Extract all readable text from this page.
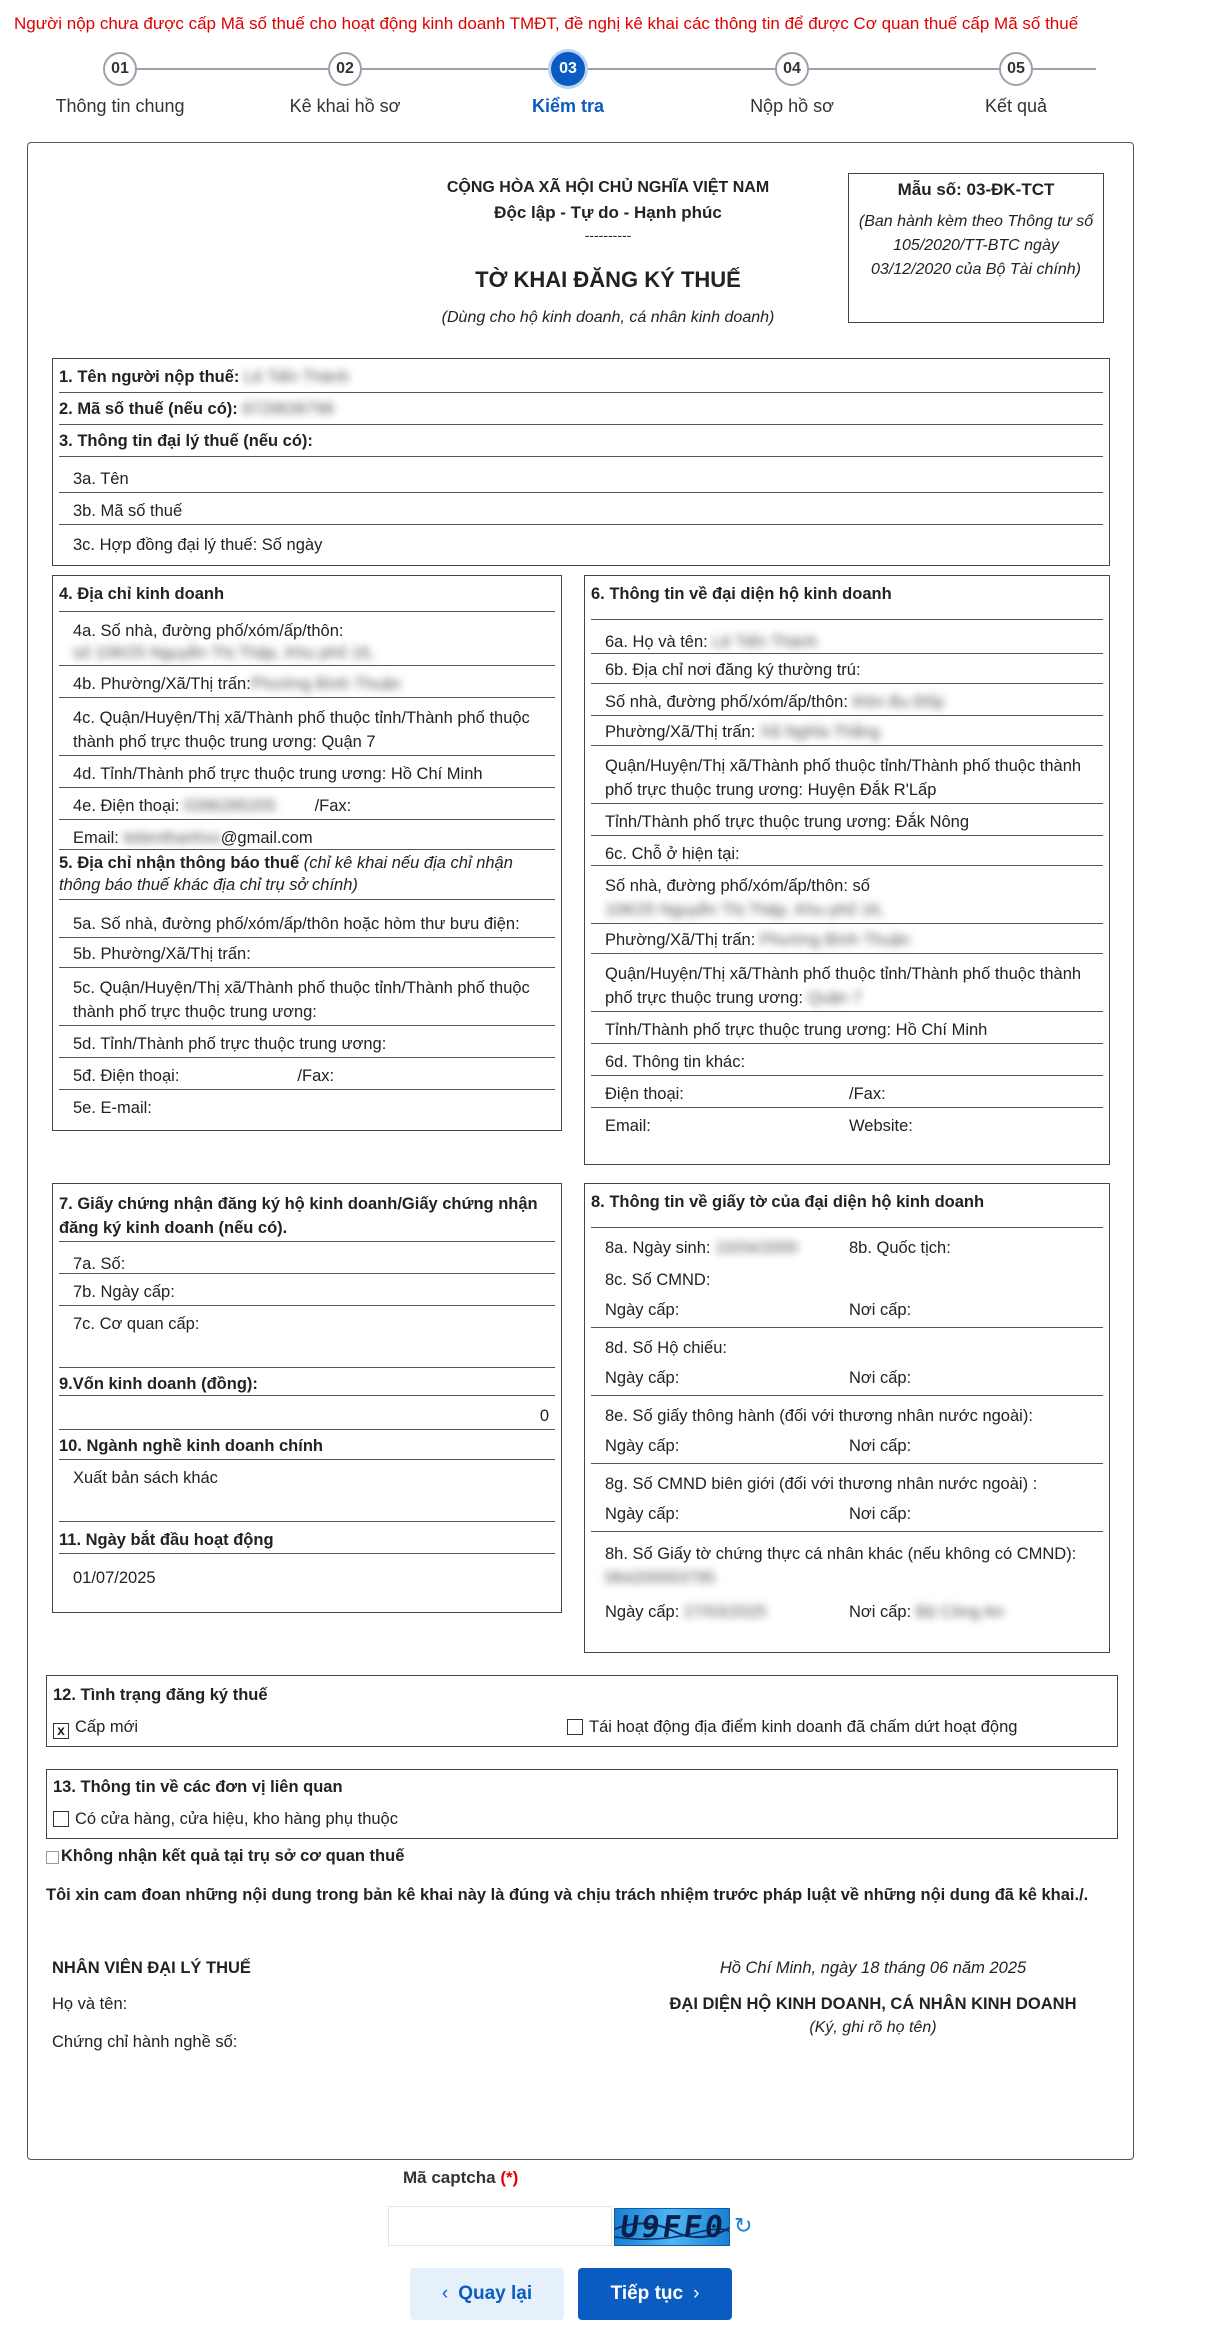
Người nộp chưa được cấp Mã số thuế cho hoạt động kinh doanh TMĐT, đề nghị kê khai các thông tin để được Cơ quan thuế cấp Mã số thuế
01
Thông tin chung
02
Kê khai hồ sơ
03
Kiểm tra
04
Nộp hồ sơ
05
Kết quả
CỘNG HÒA XÃ HỘI CHỦ NGHĨA VIỆT NAM
Độc lập - Tự do - Hạnh phúc
----------
TỜ KHAI ĐĂNG KÝ THUẾ
(Dùng cho hộ kinh doanh, cá nhân kinh doanh)
Mẫu số: 03-ĐK-TCT
(Ban hành kèm theo Thông tư số 105/2020/TT-BTC ngày 03/12/2020 của Bộ Tài chính)
1. Tên người nộp thuế: Lê Tiến Thành
2. Mã số thuế (nếu có): 8729636796
3. Thông tin đại lý thuế (nếu có):
3a. Tên
3b. Mã số thuế
3c. Hợp đồng đại lý thuế: Số ngày
4. Địa chỉ kinh doanh
4a. Số nhà, đường phố/xóm/ấp/thôn: số 106/25 Nguyễn Thị Thập, Khu phố 16,
4b. Phường/Xã/Thị trấn:Phường Bình Thuận
4c. Quận/Huyện/Thị xã/Thành phố thuộc tỉnh/Thành phố thuộc thành phố trực thuộc trung ương: Quận 7
4d. Tỉnh/Thành phố trực thuộc trung ương: Hồ Chí Minh
4e. Điện thoại: 0396285205 /Fax:
Email: letienthanhxx@gmail.com
5. Địa chỉ nhận thông báo thuế (chỉ kê khai nếu địa chỉ nhận thông báo thuế khác địa chỉ trụ sở chính)
5a. Số nhà, đường phố/xóm/ấp/thôn hoặc hòm thư bưu điện:
5b. Phường/Xã/Thị trấn:
5c. Quận/Huyện/Thị xã/Thành phố thuộc tỉnh/Thành phố thuộc thành phố trực thuộc trung ương:
5d. Tỉnh/Thành phố trực thuộc trung ương:
5đ. Điện thoại:	/Fax:
5e. E-mail:
6. Thông tin về đại diện hộ kinh doanh
6a. Họ và tên: Lê Tiến Thành
6b. Địa chỉ nơi đăng ký thường trú:
Số nhà, đường phố/xóm/ấp/thôn: thôn Bu Đốp
Phường/Xã/Thị trấn: Xã Nghĩa Thắng
Quận/Huyện/Thị xã/Thành phố thuộc tỉnh/Thành phố thuộc thành phố trực thuộc trung ương: Huyện Đắk R'Lấp
Tỉnh/Thành phố trực thuộc trung ương: Đắk Nông
6c. Chỗ ở hiện tại:
Số nhà, đường phố/xóm/ấp/thôn: số 106/25 Nguyễn Thị Thập, Khu phố 16,
Phường/Xã/Thị trấn: Phường Bình Thuận
Quận/Huyện/Thị xã/Thành phố thuộc tỉnh/Thành phố thuộc thành phố trực thuộc trung ương: Quận 7
Tỉnh/Thành phố trực thuộc trung ương: Hồ Chí Minh
6d. Thông tin khác:
Điện thoại:	/Fax:
Email:	Website:
7. Giấy chứng nhận đăng ký hộ kinh doanh/Giấy chứng nhận đăng ký kinh doanh (nếu có).
7a. Số:
7b. Ngày cấp:
7c. Cơ quan cấp:
9.Vốn kinh doanh (đồng):
0
10. Ngành nghề kinh doanh chính
Xuất bản sách khác
11. Ngày bắt đầu hoạt động
01/07/2025
8. Thông tin về giấy tờ của đại diện hộ kinh doanh
8a. Ngày sinh: 15/04/2000	8b. Quốc tịch:
8c. Số CMND:
Ngày cấp:	Nơi cấp:
8d. Số Hộ chiếu:
Ngày cấp:	Nơi cấp:
8e. Số giấy thông hành (đối với thương nhân nước ngoài):
Ngày cấp:	Nơi cấp:
8g. Số CMND biên giới (đối với thương nhân nước ngoài) :
Ngày cấp:	Nơi cấp:
8h. Số Giấy tờ chứng thực cá nhân khác (nếu không có CMND): 064200003795
Ngày cấp: 27/03/2025	Nơi cấp: Bộ Công An
12. Tình trạng đăng ký thuế
x Cấp mới	Tái hoạt động địa điểm kinh doanh đã chấm dứt hoạt động
13. Thông tin về các đơn vị liên quan
Có cửa hàng, cửa hiệu, kho hàng phụ thuộc
Không nhận kết quả tại trụ sở cơ quan thuế
Tôi xin cam đoan những nội dung trong bản kê khai này là đúng và chịu trách nhiệm trước pháp luật về những nội dung đã kê khai./.
NHÂN VIÊN ĐẠI LÝ THUẾ
Họ và tên:
Chứng chỉ hành nghề số:
Hồ Chí Minh, ngày 18 tháng 06 năm 2025
ĐẠI DIỆN HỘ KINH DOANH, CÁ NHÂN KINH DOANH
(Ký, ghi rõ họ tên)
Mã captcha (*)
U9FF0 ↻
‹ Quay lại	Tiếp tục ›
